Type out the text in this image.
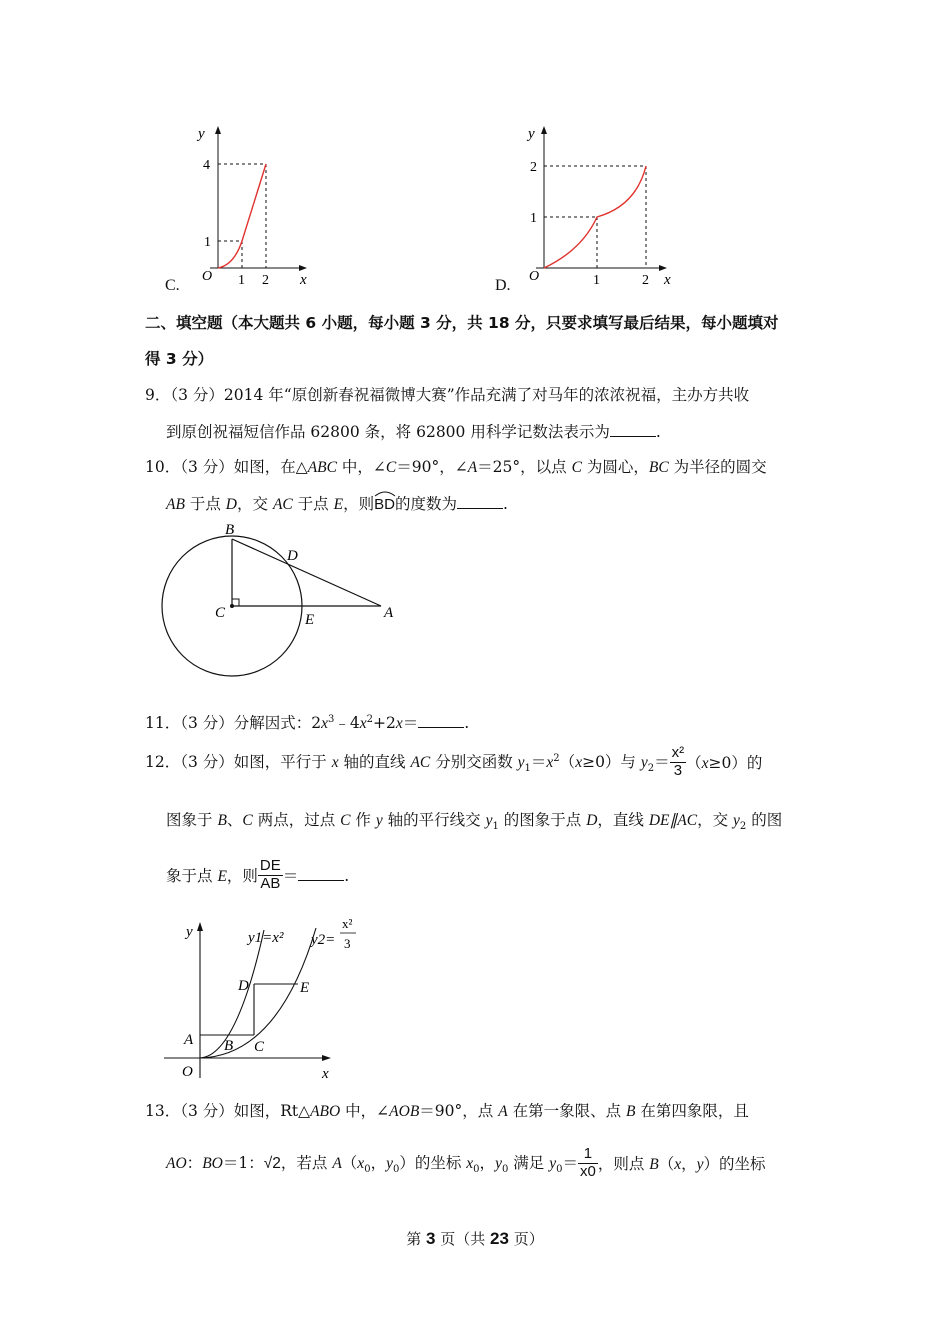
C.
y
4
1
O 1 2 x	D.
y
2
1
O	1	2 x
二、填空题（本大题共 6 小题，每小题 3 分，共 18 分，只要求填写最后结果，每小题填对
得 3 分）
9．（3 分）2014 年“原创新春祝福微博大赛”作品充满了对马年的浓浓祝福，主办方共收
到原创祝福短信作品 62800 条，将 62800 用科学记数法表示为	.
10．（3 分）如图，在△ABC 中，∠C＝90°，∠A＝25°，以点 C 为圆心，BC 为半径的圆交
AB 于点 D，交 AC 于点 E，则
BD的度数为	.
B
D
C	E	A
11．（3 分）分解因式：$2x^3﹣4x^2+2x=$	.
12．（3 分）如图，平行于 x 轴的直线 AC 分别交函数 $y_1=x^2(x\ge 0)$与 $y_2= \frac{\text{x²}}{3} (x\ge 0)$的
图象于 B、C 两点，过点 C 作 y 轴的平行线交 $y_1$ 的图象于点 D，直线 DE∥AC，交 $y_2$ 的图
象于点 E，则 $\frac{DE}{AB}$ ＝	.
y
x
O
y1=x² y2=
x²
3
A B C
D	E
13．（3 分）如图，Rt△ABO 中，∠AOB＝90°，点 A 在第一象限、点 B 在第四象限，且
AO：BO＝1：√2，若点 $A(x_0$，$y_0$）的坐标 $x_0$，$y_0$ 满足 $y_0= \frac{1}{x0}$ ，则点 B（x，y）的坐标
第 3 页（共 23 页）
